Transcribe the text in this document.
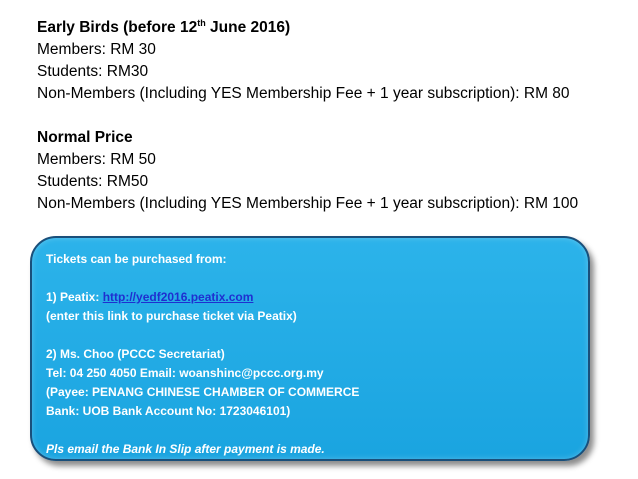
Early Birds (before 12th June 2016)
Members: RM 30
Students: RM30
Non-Members (Including YES Membership Fee + 1 year subscription): RM 80
Normal Price
Members: RM 50
Students: RM50
Non-Members (Including YES Membership Fee + 1 year subscription): RM 100
Tickets can be purchased from:
1) Peatix: http://yedf2016.peatix.com
(enter this link to purchase ticket via Peatix)
2) Ms. Choo (PCCC Secretariat)
Tel: 04 250 4050 Email: woanshinc@pccc.org.my
(Payee: PENANG CHINESE CHAMBER OF COMMERCE
Bank: UOB Bank Account No: 1723046101)
Pls email the Bank In Slip after payment is made.
